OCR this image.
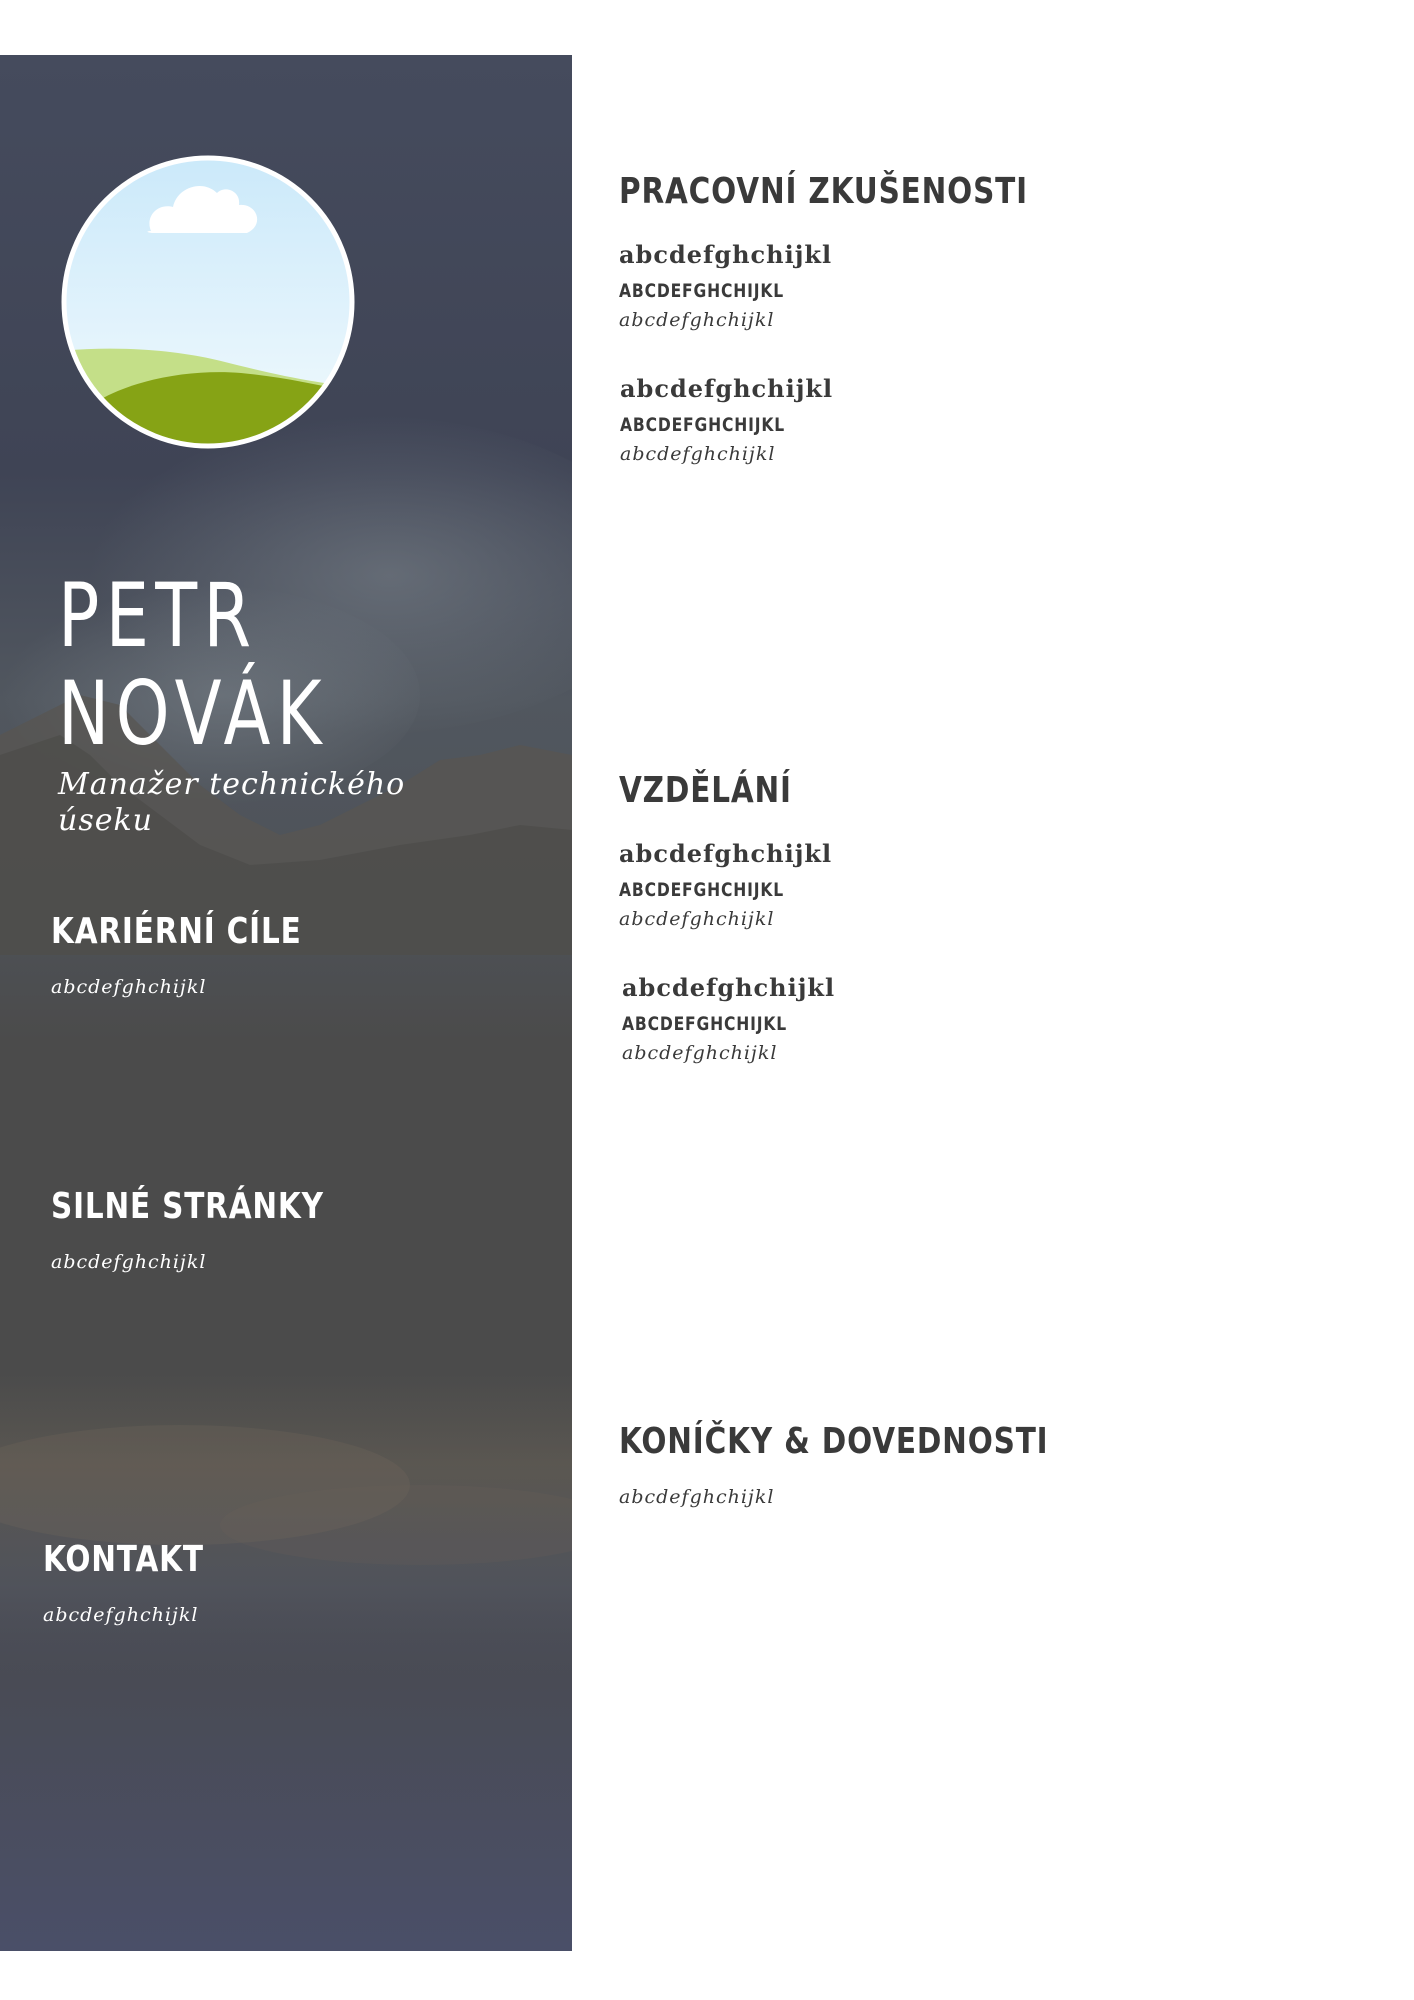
PETR
NOVÁK
Manažer technického úseku
KARIÉRNÍ CÍLE
abcdefghchijkl
SILNÉ STRÁNKY
abcdefghchijkl
KONTAKT
abcdefghchijkl
PRACOVNÍ ZKUŠENOSTI
abcdefghchijkl
ABCDEFGHCHIJKL
abcdefghchijkl
abcdefghchijkl
ABCDEFGHCHIJKL
abcdefghchijkl
VZDĚLÁNÍ
abcdefghchijkl
ABCDEFGHCHIJKL
abcdefghchijkl
abcdefghchijkl
ABCDEFGHCHIJKL
abcdefghchijkl
KONÍČKY & DOVEDNOSTI
abcdefghchijkl
